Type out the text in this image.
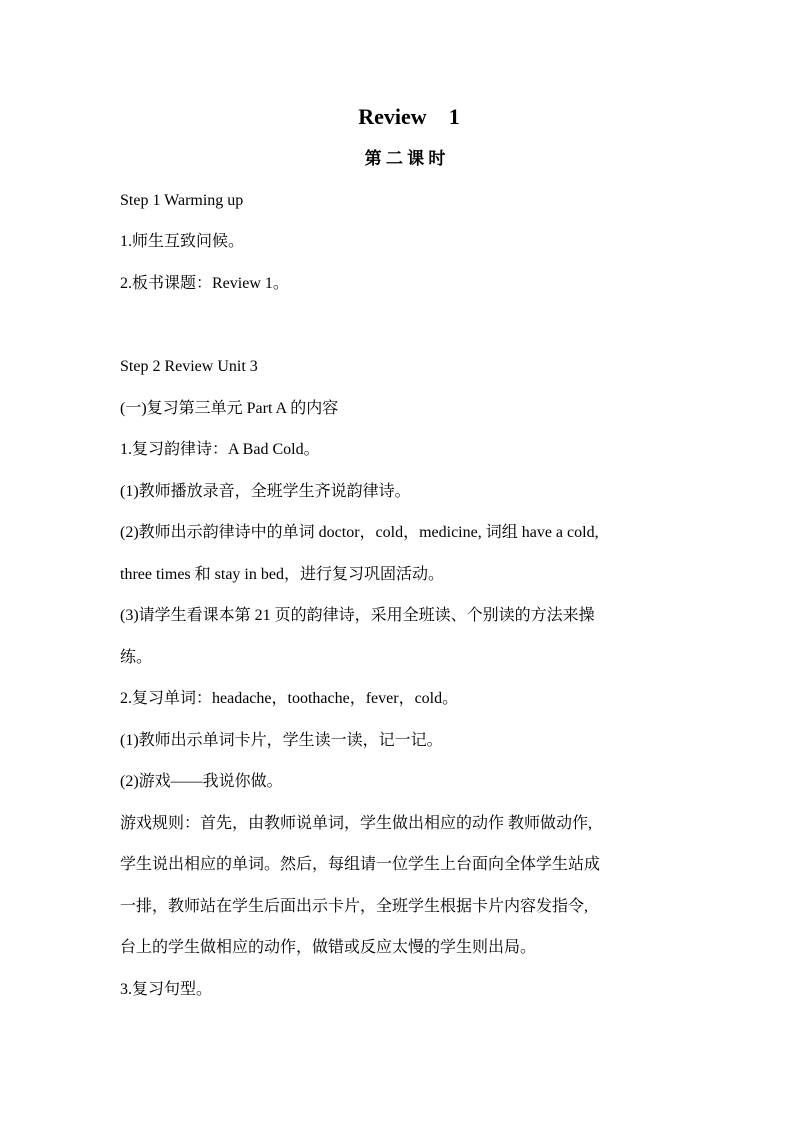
Review    1
第 二 课 时
Step 1 Warming up
1.师生互致问候。
2.板书课题：Review 1。
Step 2 Review Unit 3
(一)复习第三单元 Part A 的内容
1.复习韵律诗：A Bad Cold。
(1)教师播放录音，全班学生齐说韵律诗。
(2)教师出示韵律诗中的单词 doctor，cold，medicine, 词组 have a cold,
three times 和 stay in bed，进行复习巩固活动。
(3)请学生看课本第 21 页的韵律诗，采用全班读、个别读的方法来操
练。
2.复习单词：headache，toothache，fever，cold。
(1)教师出示单词卡片，学生读一读，记一记。
(2)游戏——我说你做。
游戏规则：首先，由教师说单词，学生做出相应的动作 教师做动作,
学生说出相应的单词。然后，每组请一位学生上台面向全体学生站成
一排，教师站在学生后面出示卡片，全班学生根据卡片内容发指令,
台上的学生做相应的动作，做错或反应太慢的学生则出局。
3.复习句型。
